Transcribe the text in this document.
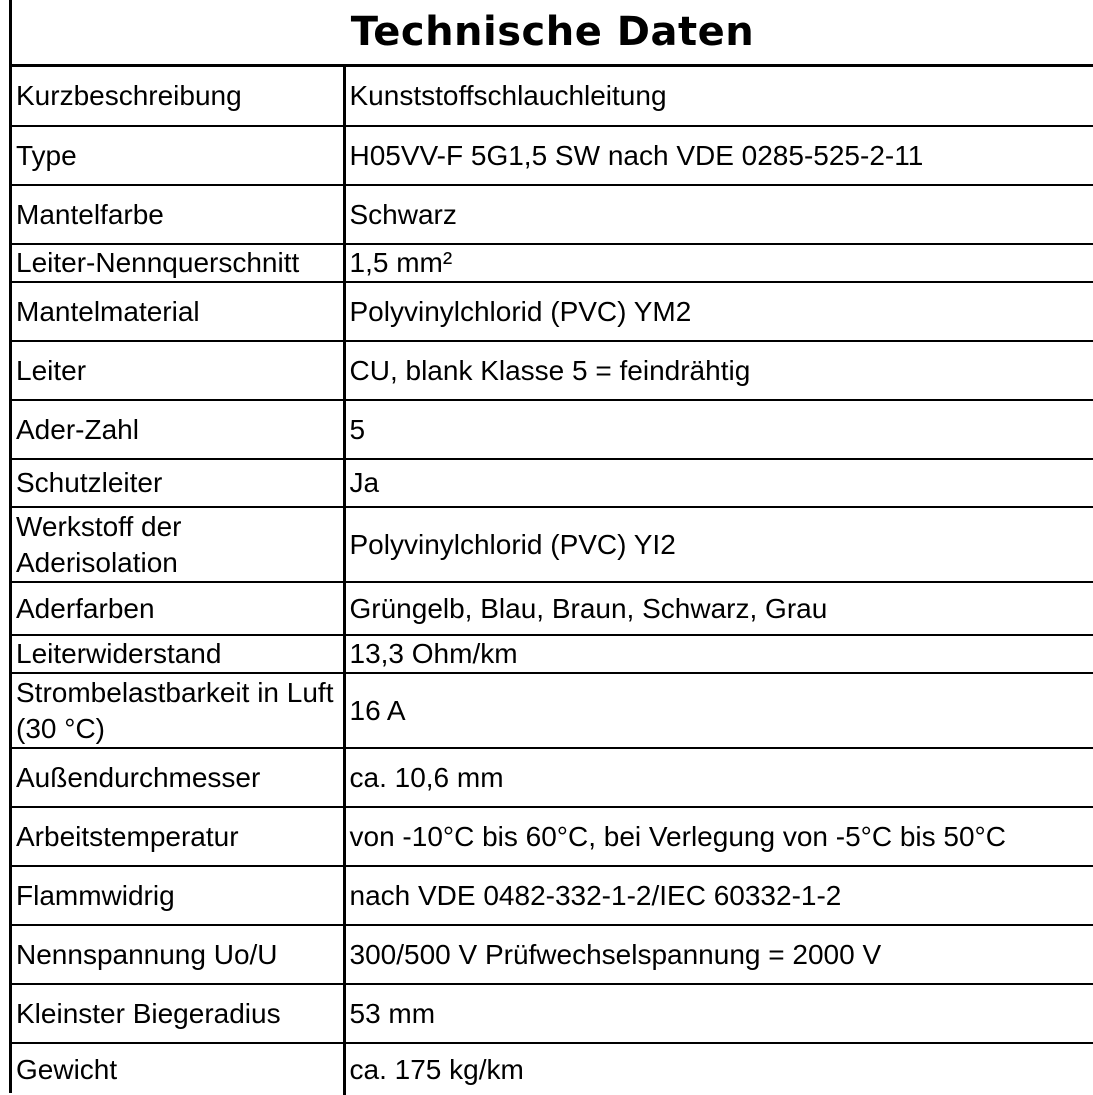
Technische Daten
Kurzbeschreibung	Kunststoffschlauchleitung
Type	H05VV-F 5G1,5 SW nach VDE 0285-525-2-11
Mantelfarbe	Schwarz
Leiter-Nennquerschnitt	1,5 mm²
Mantelmaterial	Polyvinylchlorid (PVC) YM2
Leiter	CU, blank Klasse 5 = feindrähtig
Ader-Zahl	5
Schutzleiter	Ja
Werkstoff der Aderisolation	Polyvinylchlorid (PVC) YI2
Aderfarben	Grüngelb, Blau, Braun, Schwarz, Grau
Leiterwiderstand	13,3 Ohm/km
Strombelastbarkeit in Luft (30 °C)	16 A
Außendurchmesser	ca. 10,6 mm
Arbeitstemperatur	von -10°C bis 60°C, bei Verlegung von -5°C bis 50°C
Flammwidrig	nach VDE 0482-332-1-2/IEC 60332-1-2
Nennspannung Uo/U	300/500 V Prüfwechselspannung = 2000 V
Kleinster Biegeradius	53 mm
Gewicht	ca. 175 kg/km
